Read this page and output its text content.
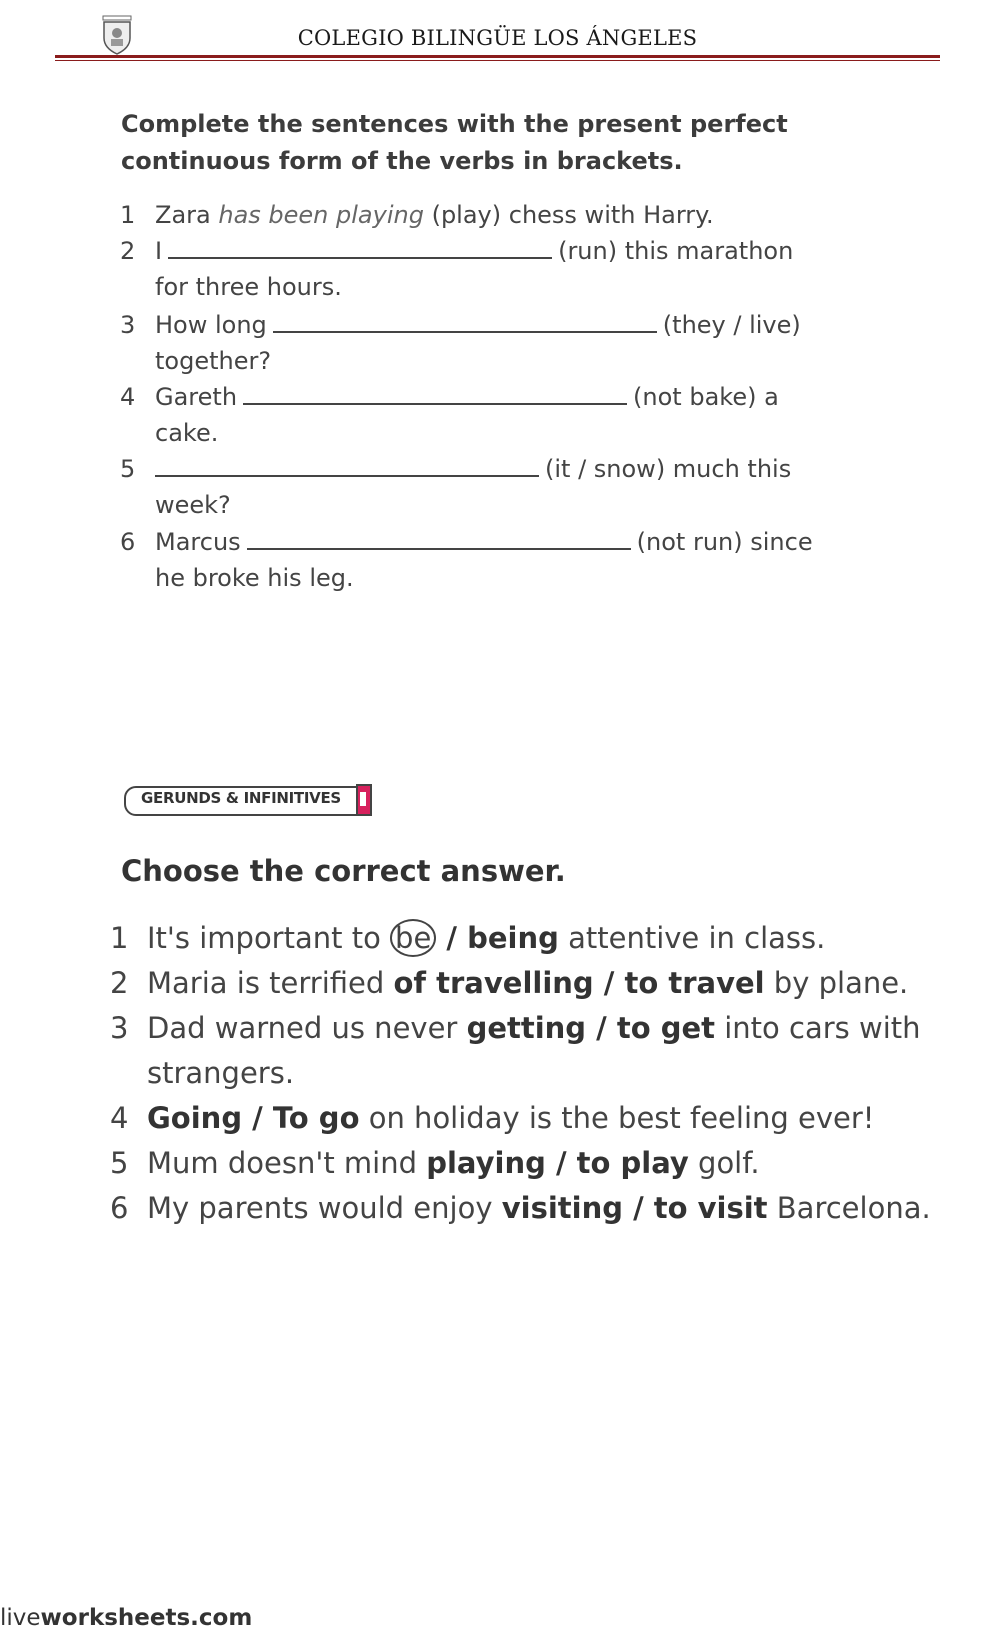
COLEGIO BILINGÜE LOS ÁNGELES
Complete the sentences with the present perfect
continuous form of the verbs in brackets.
1 Zara has been playing (play) chess with Harry.
2 I	(run) this marathon
for three hours.
3 How long	(they / live)
together?
4 Gareth	(not bake) a
cake.
5	(it / snow) much this
week?
6 Marcus	(not run) since
he broke his leg.
GERUNDS & INFINITIVES
Choose the correct answer.
1 It's important to be / being attentive in class.
2 Maria is terrified of travelling / to travel by plane.
3 Dad warned us never getting / to get into cars with
strangers.
4 Going / To go on holiday is the best feeling ever!
5 Mum doesn't mind playing / to play golf.
6 My parents would enjoy visiting / to visit Barcelona.
liveworksheets.com
